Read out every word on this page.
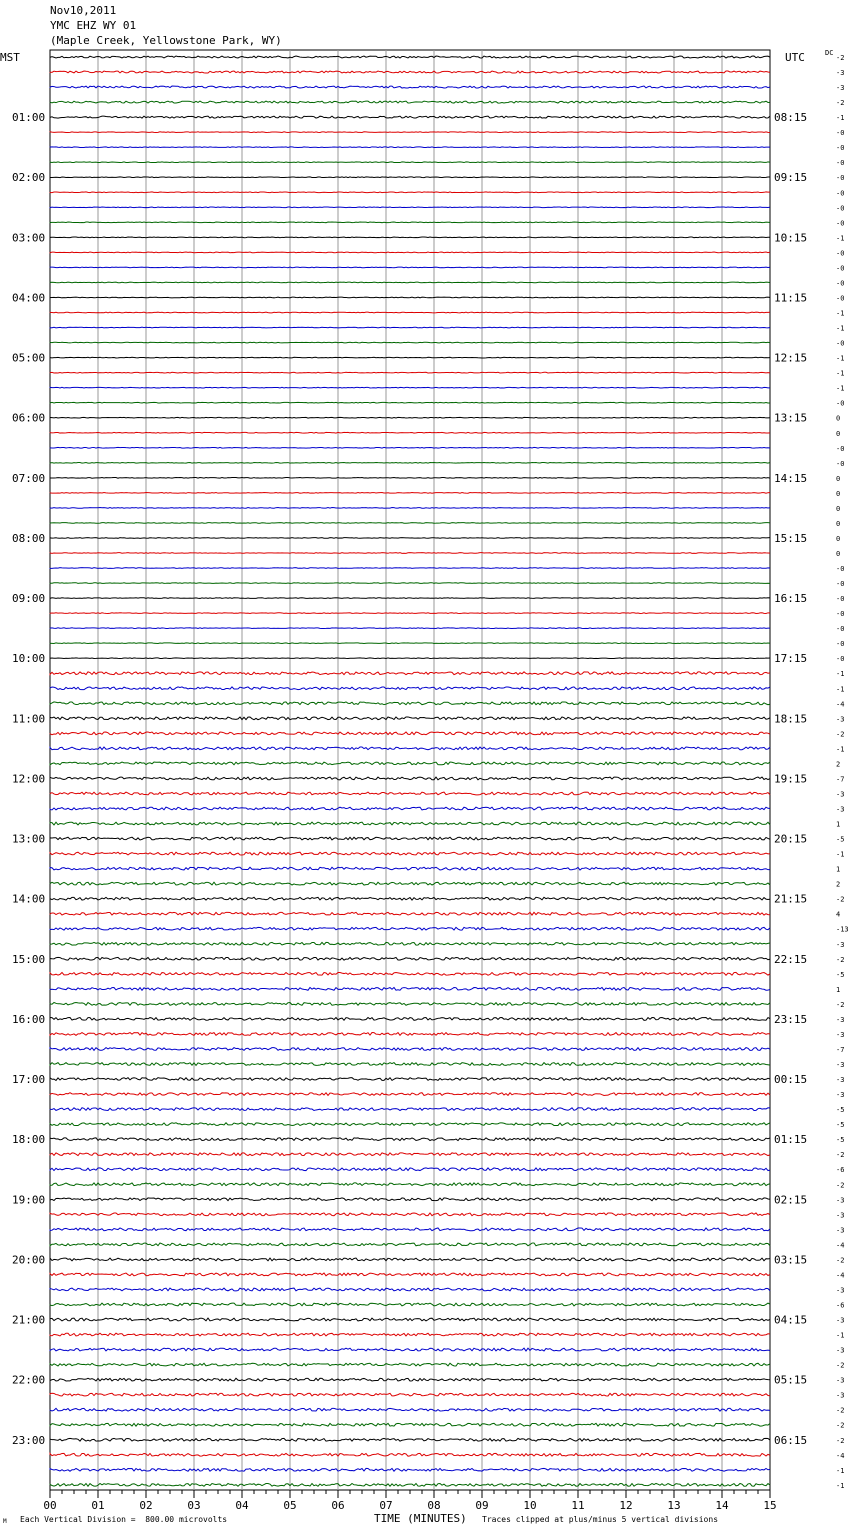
Nov10,2011
YMC EHZ WY 01
(Maple Creek, Yellowstone Park, WY)
MST	UTC	DC
-2
-3
-3
-2
-1
-0
-0
-0
-0
-0
-0
-0
-1
-0
-0
-0
-0
-1
-1
-0
-1
-1
-1
-0
0
0
-0
-0
0
0
0
0
0
0
-0
-0
-0
-0
-0
-0
-0
-1
-1
-4
-3
-2
-1
2
-7
-3
-3
1
-5
-1
1
2
-2
4
-13
-3
-2
-5
1
-2
-3
-3
-7
-3
-3
-3
-5
-5
-5
-2
-6
-2
-3
-3
-3
-4
-2
-4
-3
-6
-3
-1
-3
-2
-3
-3
-2
-2
-2
-4
-1
-1
01:00
02:00
03:00
04:00
05:00
06:00
07:00
08:00
09:00
10:00
11:00
12:00
13:00
14:00
15:00
16:00
17:00
18:00
19:00
20:00
21:00
22:00
23:00
08:15
09:15
10:15
11:15
12:15
13:15
14:15
15:15
16:15
17:15
18:15
19:15
20:15
21:15
22:15
23:15
00:15
01:15
02:15
03:15
04:15
05:15
06:15
00	01	02	03	04	05	06	07	08	09	10	11	12	13	14	15
M Each Vertical Division =  800.00 microvolts	TIME (MINUTES) Traces clipped at plus/minus 5 vertical divisions
